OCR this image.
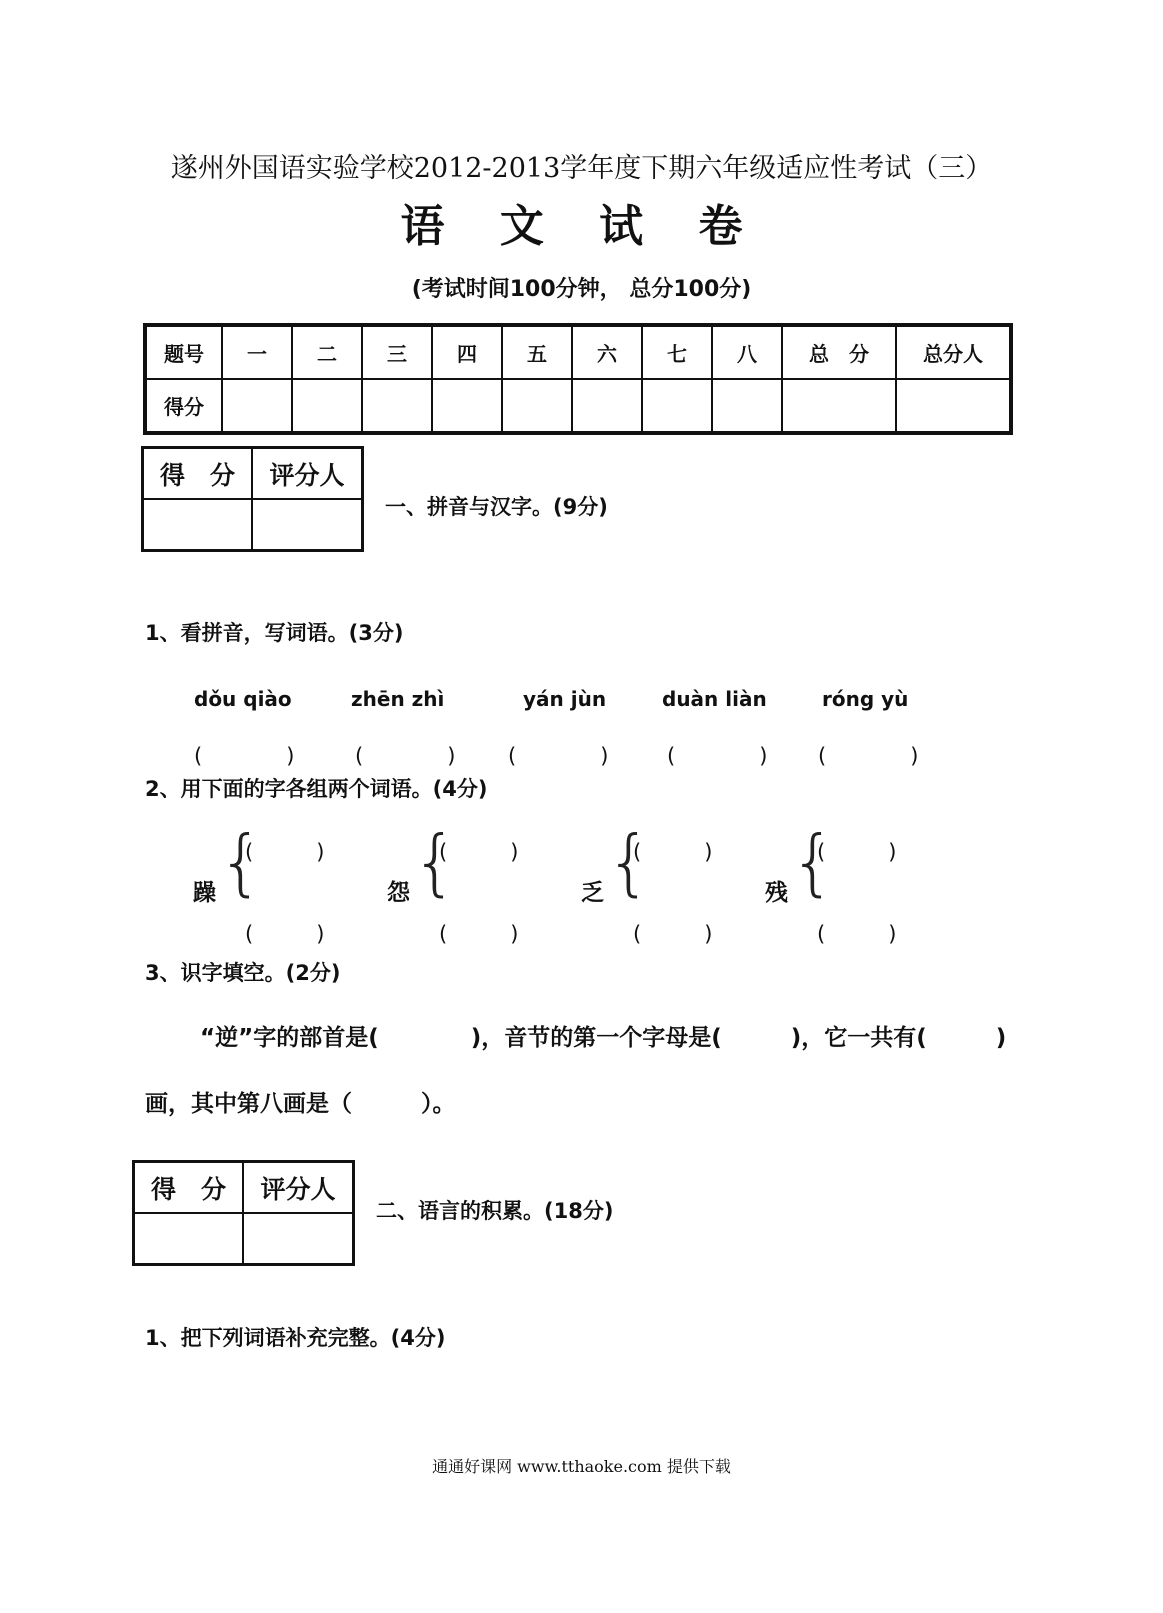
遂州外国语实验学校2012-2013学年度下期六年级适应性考试（三）
语 文 试 卷
(考试时间100分钟， 总分100分)
题号	一	二	三	四	五	六	七	八	总　分	总分人
得分										
得　分	评分人

一、拼音与汉字。(9分)
1、看拼音，写词语。(3分)
dǒu qiào	zhēn zhì	yán jùn	duàn liàn	róng yù
(　　　　)	(　　　　)	(　　　　)	(　　　　) (　　　　)
2、用下面的字各组两个词语。(4分)
躁 {
(　　　)
(　　　)
怨 {
(　　　)
(　　　)
乏 {
(　　　)
(　　　)
残 {
(　　　)
(　　　)
3、识字填空。(2分)
“逆”字的部首是(　　　　)，音节的第一个字母是(　　　)，它一共有(　　　)
画，其中第八画是（　　　）。
得　分	评分人

二、语言的积累。(18分)
1、把下列词语补充完整。(4分)
通通好课网 www.tthaoke.com 提供下载
